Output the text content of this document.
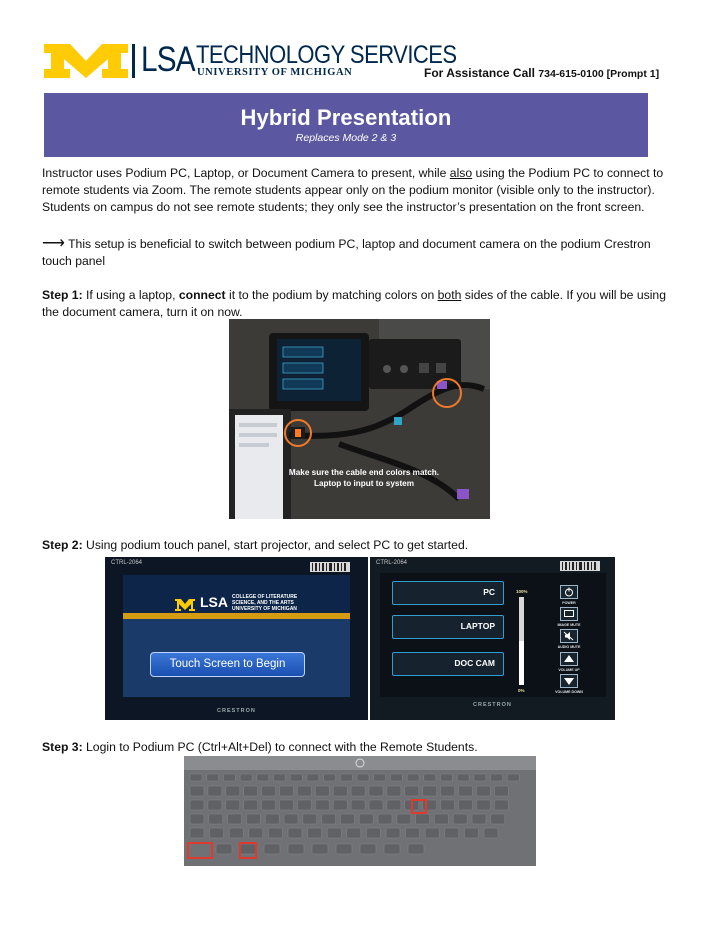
LSA TECHNOLOGY SERVICES
UNIVERSITY OF MICHIGAN	For Assistance Call 734-615-0100 [Prompt 1]
Hybrid Presentation
Replaces Mode 2 & 3

Instructor uses Podium PC, Laptop, or Document Camera to present, while also using the Podium PC to connect to remote students via Zoom. The remote students appear only on the podium monitor (visible only to the instructor). Students on campus do not see remote students; they only see the instructor’s presentation on the front screen.

⟶ This setup is beneficial to switch between podium PC, laptop and document camera on the podium Crestron touch panel

Step 1: If using a laptop, connect it to the podium by matching colors on both sides of the cable. If you will be using the document camera, turn it on now.

Make sure the cable end colors match.
Laptop to input to system

Step 2: Using podium touch panel, start projector, and select PC to get started.

CTRL-2064
LSA COLLEGE OF LITERATURE SCIENCE, AND THE ARTS UNIVERSITY OF MICHIGAN
Touch Screen to Begin
CRESTRON
CTRL-2064
PC
LAPTOP
DOC CAM
100%
0%
POWER
IMAGE MUTE
AUDIO MUTE
VOLUME UP
VOLUME DOWN
CRESTRON

Step 3: Login to Podium PC (Ctrl+Alt+Del) to connect with the Remote Students.
